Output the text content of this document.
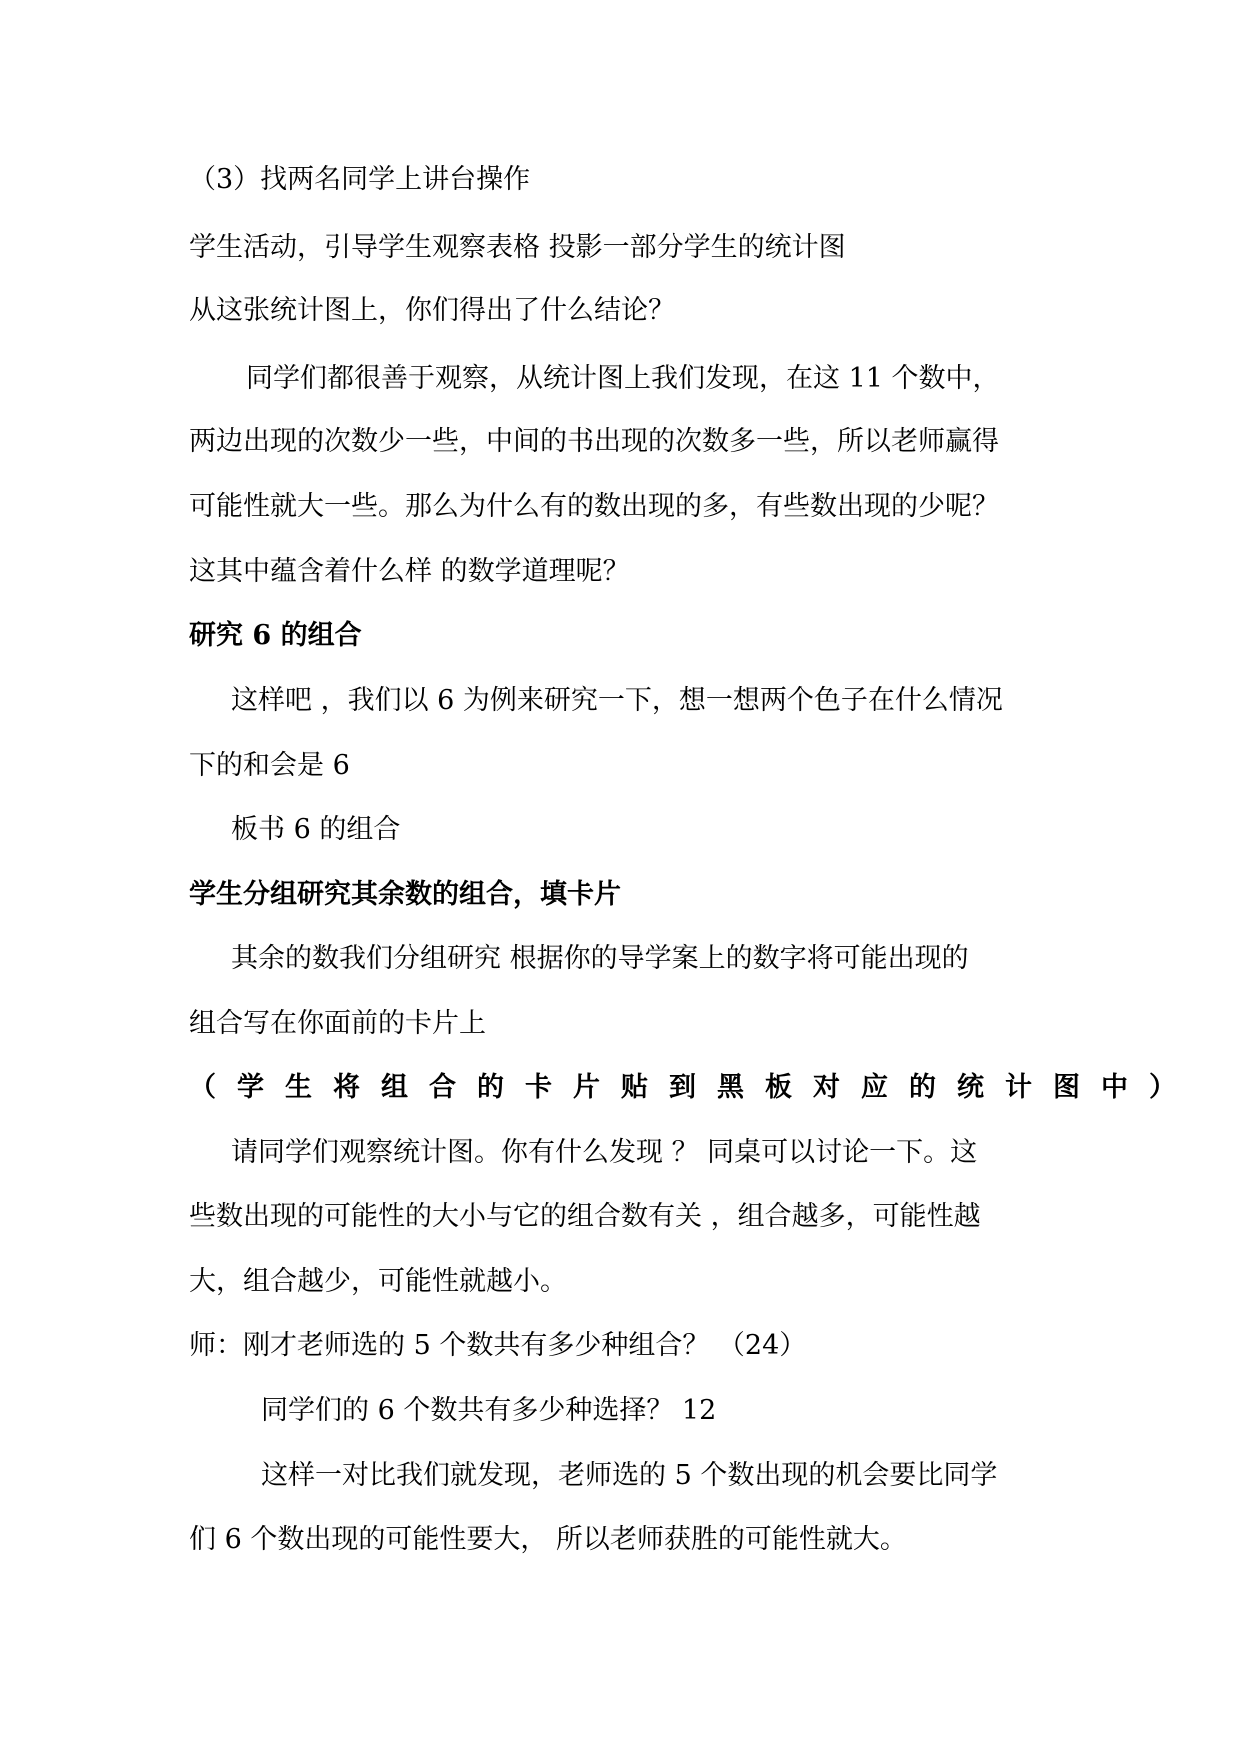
（3）找两名同学上讲台操作
学生活动，引导学生观察表格 投影一部分学生的统计图
从这张统计图上，你们得出了什么结论？
同学们都很善于观察，从统计图上我们发现，在这 11 个数中，
两边出现的次数少一些，中间的书出现的次数多一些，所以老师赢得
可能性就大一些。那么为什么有的数出现的多，有些数出现的少呢？
这其中蕴含着什么样 的数学道理呢？
研究 6 的组合
这样吧 ，我们以 6 为例来研究一下，想一想两个色子在什么情况
下的和会是 6
板书 6 的组合
学生分组研究其余数的组合，填卡片
其余的数我们分组研究 根据你的导学案上的数字将可能出现的
组合写在你面前的卡片上
（学生将组合的卡片贴到黑板对应的统计图中）
请同学们观察统计图。你有什么发现 ？ 同桌可以讨论一下。这
些数出现的可能性的大小与它的组合数有关 ，组合越多，可能性越
大，组合越少，可能性就越小。
师：刚才老师选的 5 个数共有多少种组合？ （24）
同学们的 6 个数共有多少种选择？ 12
这样一对比我们就发现，老师选的 5 个数出现的机会要比同学
们 6 个数出现的可能性要大， 所以老师获胜的可能性就大。
